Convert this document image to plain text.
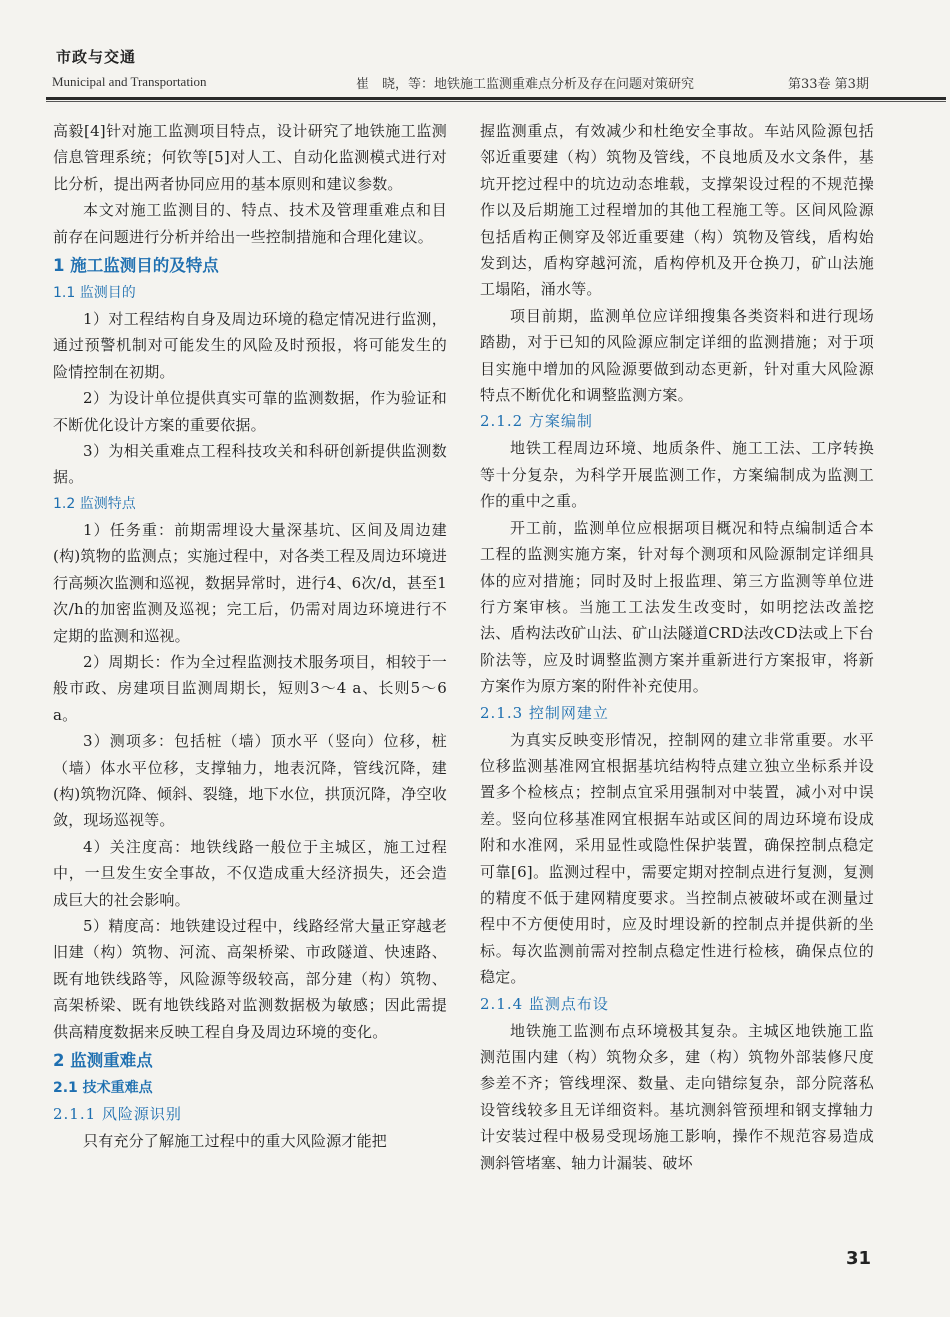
市政与交通
Municipal and Transportation	崔　晓，等：地铁施工监测重难点分析及存在问题对策研究	第33卷 第3期
高毅[4]针对施工监测项目特点，设计研究了地铁施工监测信息管理系统；何钦等[5]对人工、自动化监测模式进行对比分析，提出两者协同应用的基本原则和建议参数。
本文对施工监测目的、特点、技术及管理重难点和目前存在问题进行分析并给出一些控制措施和合理化建议。
1 施工监测目的及特点
1.1 监测目的
1）对工程结构自身及周边环境的稳定情况进行监测，通过预警机制对可能发生的风险及时预报，将可能发生的险情控制在初期。
2）为设计单位提供真实可靠的监测数据，作为验证和不断优化设计方案的重要依据。
3）为相关重难点工程科技攻关和科研创新提供监测数据。
1.2 监测特点
1）任务重：前期需埋设大量深基坑、区间及周边建(构)筑物的监测点；实施过程中，对各类工程及周边环境进行高频次监测和巡视，数据异常时，进行4、6次/d，甚至1次/h的加密监测及巡视；完工后，仍需对周边环境进行不定期的监测和巡视。
2）周期长：作为全过程监测技术服务项目，相较于一般市政、房建项目监测周期长，短则3～4 a、长则5～6 a。
3）测项多：包括桩（墙）顶水平（竖向）位移，桩（墙）体水平位移，支撑轴力，地表沉降，管线沉降，建(构)筑物沉降、倾斜、裂缝，地下水位，拱顶沉降，净空收敛，现场巡视等。
4）关注度高：地铁线路一般位于主城区，施工过程中，一旦发生安全事故，不仅造成重大经济损失，还会造成巨大的社会影响。
5）精度高：地铁建设过程中，线路经常大量正穿越老旧建（构）筑物、河流、高架桥梁、市政隧道、快速路、既有地铁线路等，风险源等级较高，部分建（构）筑物、高架桥梁、既有地铁线路对监测数据极为敏感；因此需提供高精度数据来反映工程自身及周边环境的变化。
2 监测重难点
2.1 技术重难点
2.1.1 风险源识别
只有充分了解施工过程中的重大风险源才能把
握监测重点，有效减少和杜绝安全事故。车站风险源包括邻近重要建（构）筑物及管线，不良地质及水文条件，基坑开挖过程中的坑边动态堆载，支撑架设过程的不规范操作以及后期施工过程增加的其他工程施工等。区间风险源包括盾构正侧穿及邻近重要建（构）筑物及管线，盾构始发到达，盾构穿越河流，盾构停机及开仓换刀，矿山法施工塌陷，涌水等。
项目前期，监测单位应详细搜集各类资料和进行现场踏勘，对于已知的风险源应制定详细的监测措施；对于项目实施中增加的风险源要做到动态更新，针对重大风险源特点不断优化和调整监测方案。
2.1.2 方案编制
地铁工程周边环境、地质条件、施工工法、工序转换等十分复杂，为科学开展监测工作，方案编制成为监测工作的重中之重。
开工前，监测单位应根据项目概况和特点编制适合本工程的监测实施方案，针对每个测项和风险源制定详细具体的应对措施；同时及时上报监理、第三方监测等单位进行方案审核。当施工工法发生改变时，如明挖法改盖挖法、盾构法改矿山法、矿山法隧道CRD法改CD法或上下台阶法等，应及时调整监测方案并重新进行方案报审，将新方案作为原方案的附件补充使用。
2.1.3 控制网建立
为真实反映变形情况，控制网的建立非常重要。水平位移监测基准网宜根据基坑结构特点建立独立坐标系并设置多个检核点；控制点宜采用强制对中装置，减小对中误差。竖向位移基准网宜根据车站或区间的周边环境布设成附和水准网，采用显性或隐性保护装置，确保控制点稳定可靠[6]。监测过程中，需要定期对控制点进行复测，复测的精度不低于建网精度要求。当控制点被破坏或在测量过程中不方便使用时，应及时埋设新的控制点并提供新的坐标。每次监测前需对控制点稳定性进行检核，确保点位的稳定。
2.1.4 监测点布设
地铁施工监测布点环境极其复杂。主城区地铁施工监测范围内建（构）筑物众多，建（构）筑物外部装修尺度参差不齐；管线埋深、数量、走向错综复杂，部分院落私设管线较多且无详细资料。基坑测斜管预埋和钢支撑轴力计安装过程中极易受现场施工影响，操作不规范容易造成测斜管堵塞、轴力计漏装、破坏
31
